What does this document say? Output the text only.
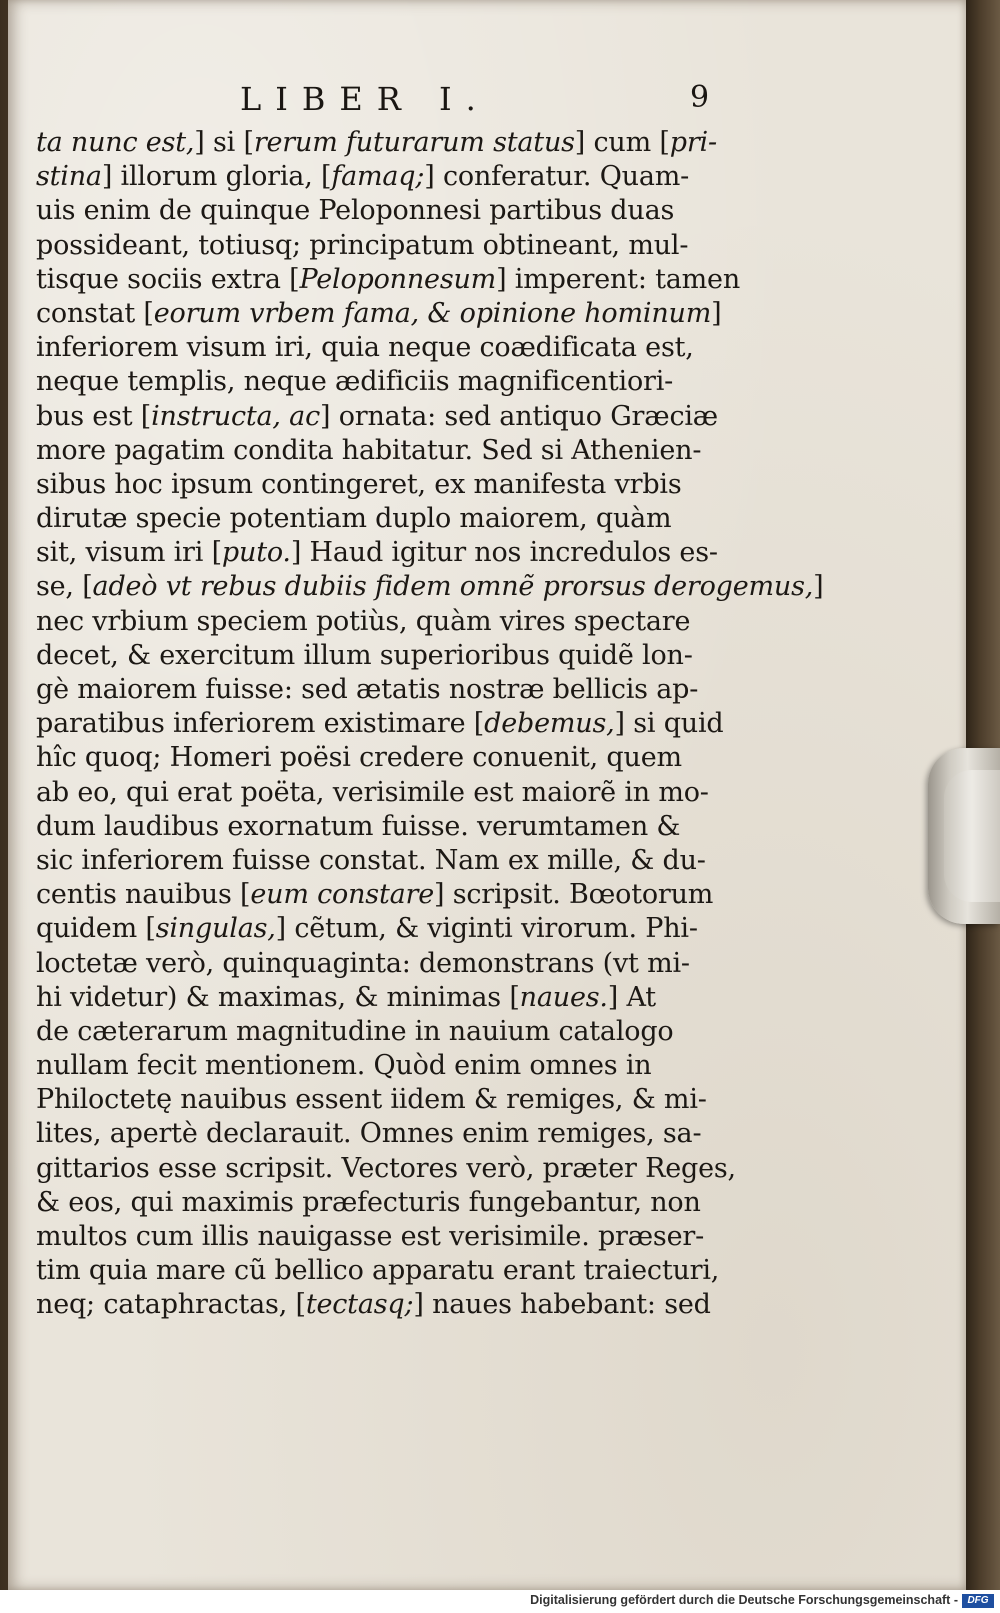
LIBER I.	9
ta nunc est,] si [rerum futurarum status] cum [pri-
stina] illorum gloria, [famaq;] conferatur. Quam-
uis enim de quinque Peloponnesi partibus duas
possideant, totiusq; principatum obtineant, mul-
tisque sociis extra [Peloponnesum] imperent: tamen
constat [eorum vrbem fama, & opinione hominum]
inferiorem visum iri, quia neque coædificata est,
neque templis, neque ædificiis magnificentiori-
bus est [instructa, ac] ornata: sed antiquo Græciæ
more pagatim condita habitatur. Sed si Athenien-
sibus hoc ipsum contingeret, ex manifesta vrbis
dirutæ specie potentiam duplo maiorem, quàm
sit, visum iri [puto.] Haud igitur nos incredulos es-
se, [adeò vt rebus dubiis fidem omnẽ prorsus derogemus,]
nec vrbium speciem potiùs, quàm vires spectare
decet, & exercitum illum superioribus quidẽ lon-
gè maiorem fuisse: sed ætatis nostræ bellicis ap-
paratibus inferiorem existimare [debemus,] si quid
hîc quoq; Homeri poësi credere conuenit, quem
ab eo, qui erat poëta, verisimile est maiorẽ in mo-
dum laudibus exornatum fuisse. verumtamen &
sic inferiorem fuisse constat. Nam ex mille, & du-
centis nauibus [eum constare] scripsit. Bœotorum
quidem [singulas,] cẽtum, & viginti virorum. Phi-
loctetæ verò, quinquaginta: demonstrans (vt mi-
hi videtur) & maximas, & minimas [naues.] At
de cæterarum magnitudine in nauium catalogo
nullam fecit mentionem. Quòd enim omnes in
Philoctetę nauibus essent iidem & remiges, & mi-
lites, apertè declarauit. Omnes enim remiges, sa-
gittarios esse scripsit. Vectores verò, præter Reges,
& eos, qui maximis præfecturis fungebantur, non
multos cum illis nauigasse est verisimile. præser-
tim quia mare cũ bellico apparatu erant traiecturi,
neq; cataphractas, [tectasq;] naues habebant: sed
Digitalisierung gefördert durch die Deutsche Forschungsgemeinschaft - DFG
